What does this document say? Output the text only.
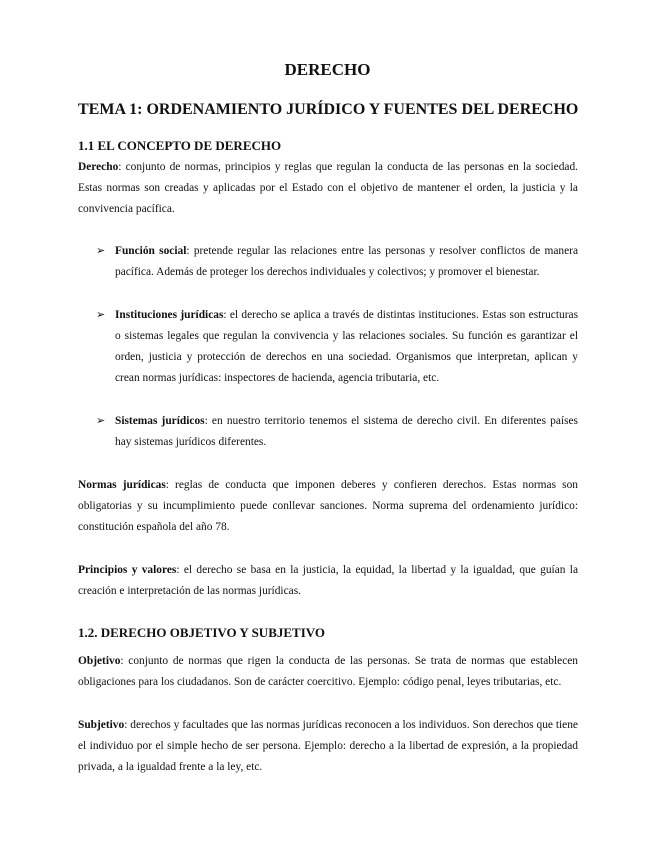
DERECHO
TEMA 1: ORDENAMIENTO JURÍDICO Y FUENTES DEL DERECHO
1.1 EL CONCEPTO DE DERECHO

Derecho: conjunto de normas, principios y reglas que regulan la conducta de las personas en la sociedad. Estas normas son creadas y aplicadas por el Estado con el objetivo de mantener el orden, la justicia y la convivencia pacífica.

➢ Función social: pretende regular las relaciones entre las personas y resolver conflictos de manera pacífica. Además de proteger los derechos individuales y colectivos; y promover el bienestar.

➢ Instituciones jurídicas: el derecho se aplica a través de distintas instituciones. Estas son estructuras o sistemas legales que regulan la convivencia y las relaciones sociales. Su función es garantizar el orden, justicia y protección de derechos en una sociedad. Organismos que interpretan, aplican y crean normas jurídicas: inspectores de hacienda, agencia tributaria, etc.

➢ Sistemas jurídicos: en nuestro territorio tenemos el sistema de derecho civil. En diferentes países hay sistemas jurídicos diferentes.

Normas jurídicas: reglas de conducta que imponen deberes y confieren derechos. Estas normas son obligatorias y su incumplimiento puede conllevar sanciones. Norma suprema del ordenamiento jurídico: constitución española del año 78.

Principios y valores: el derecho se basa en la justicia, la equidad, la libertad y la igualdad, que guían la creación e interpretación de las normas jurídicas.

1.2. DERECHO OBJETIVO Y SUBJETIVO

Objetivo: conjunto de normas que rigen la conducta de las personas. Se trata de normas que establecen obligaciones para los ciudadanos. Son de carácter coercitivo. Ejemplo: código penal, leyes tributarias, etc.

Subjetivo: derechos y facultades que las normas jurídicas reconocen a los individuos. Son derechos que tiene el individuo por el simple hecho de ser persona. Ejemplo: derecho a la libertad de expresión, a la propiedad privada, a la igualdad frente a la ley, etc.
